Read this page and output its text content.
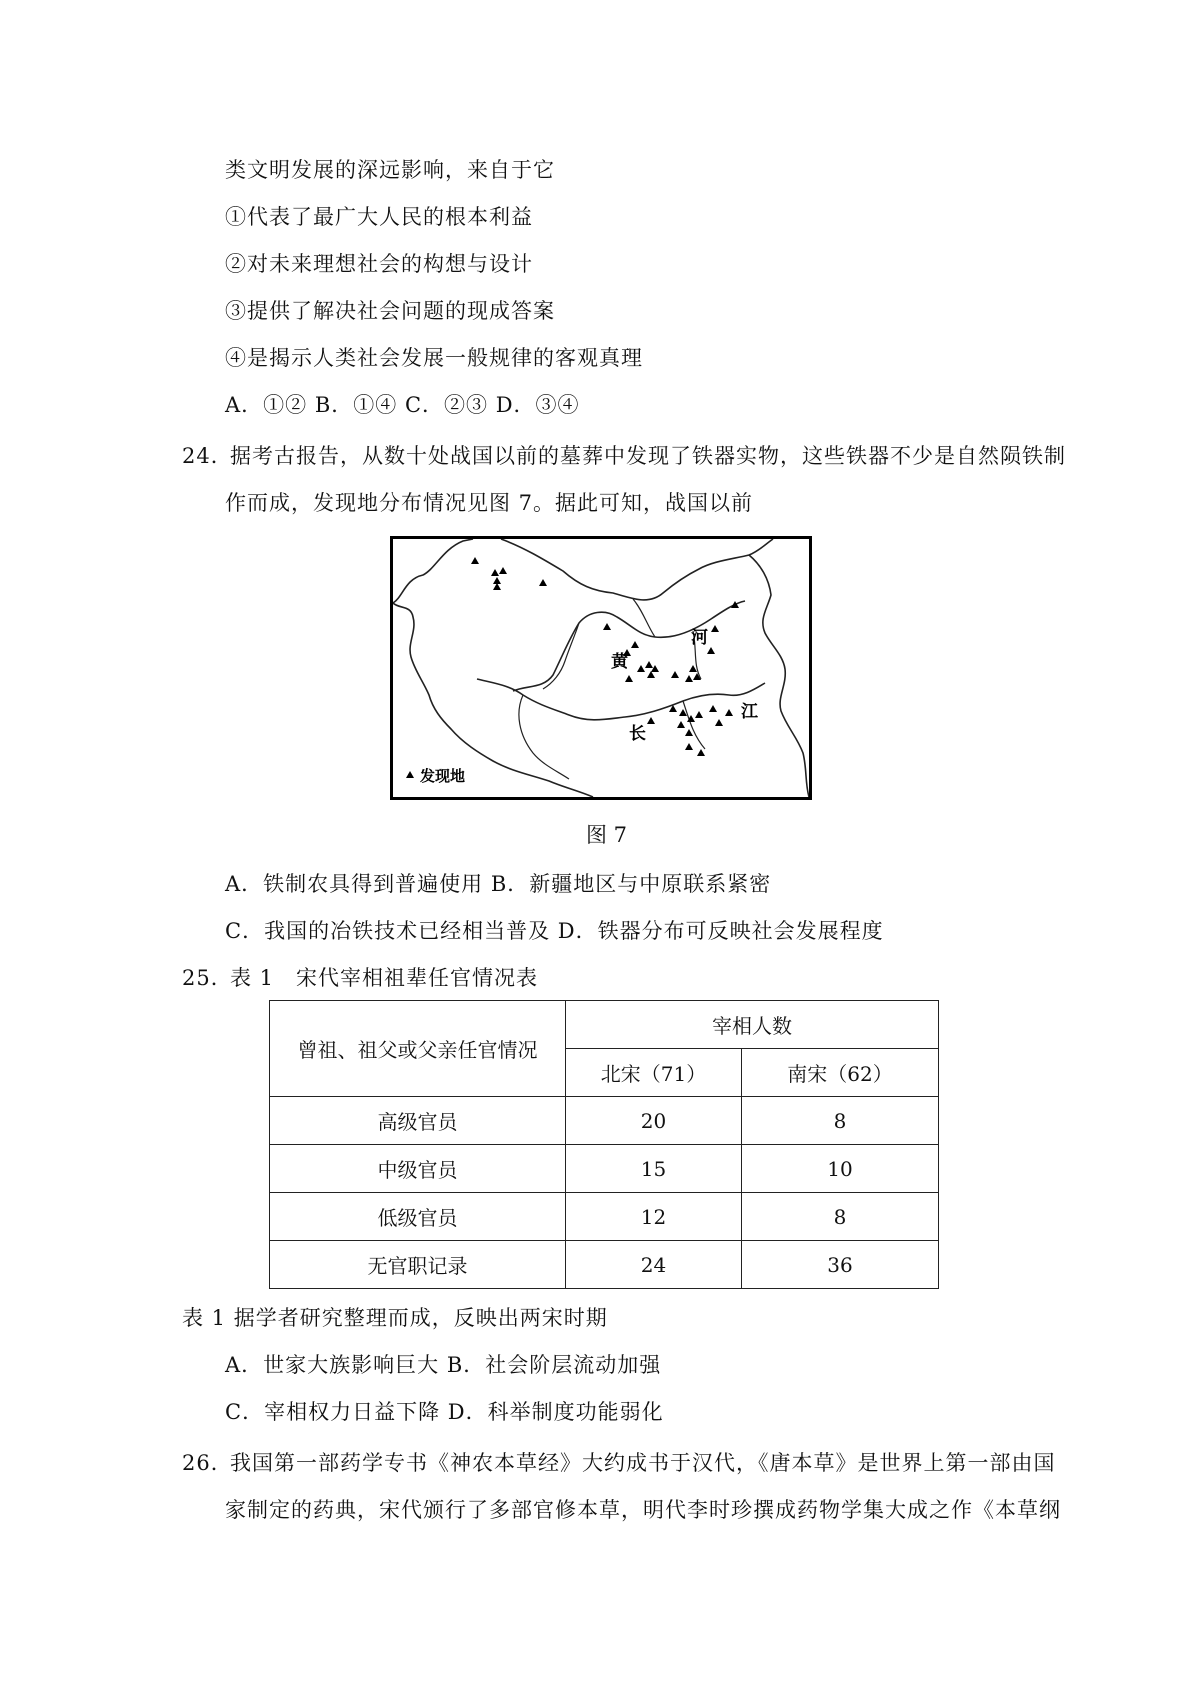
类文明发展的深远影响，来自于它
①代表了最广大人民的根本利益
②对未来理想社会的构想与设计
③提供了解决社会问题的现成答案
④是揭示人类社会发展一般规律的客观真理
A．①② B．①④ C．②③ D．③④
24．
据考古报告，从数十处战国以前的墓葬中发现了铁器实物，这些铁器不少是自然陨铁制
作而成，发现地分布情况见图 7。据此可知，战国以前
黄
河
长
江
发现地
图 7
A．铁制农具得到普遍使用 B．新疆地区与中原联系紧密
C．我国的冶铁技术已经相当普及 D．铁器分布可反映社会发展程度
25．
表 1　宋代宰相祖辈任官情况表
曾祖、祖父或父亲任官情况	宰相人数	
	北宋（71）	南宋（62）
高级官员	20	8
中级官员	15	10
低级官员	12	8
无官职记录	24	36
表 1 据学者研究整理而成，反映出两宋时期
A．世家大族影响巨大 B．社会阶层流动加强
C．宰相权力日益下降 D．科举制度功能弱化
26．
我国第一部药学专书《神农本草经》大约成书于汉代，《唐本草》是世界上第一部由国
家制定的药典，宋代颁行了多部官修本草，明代李时珍撰成药物学集大成之作《本草纲
